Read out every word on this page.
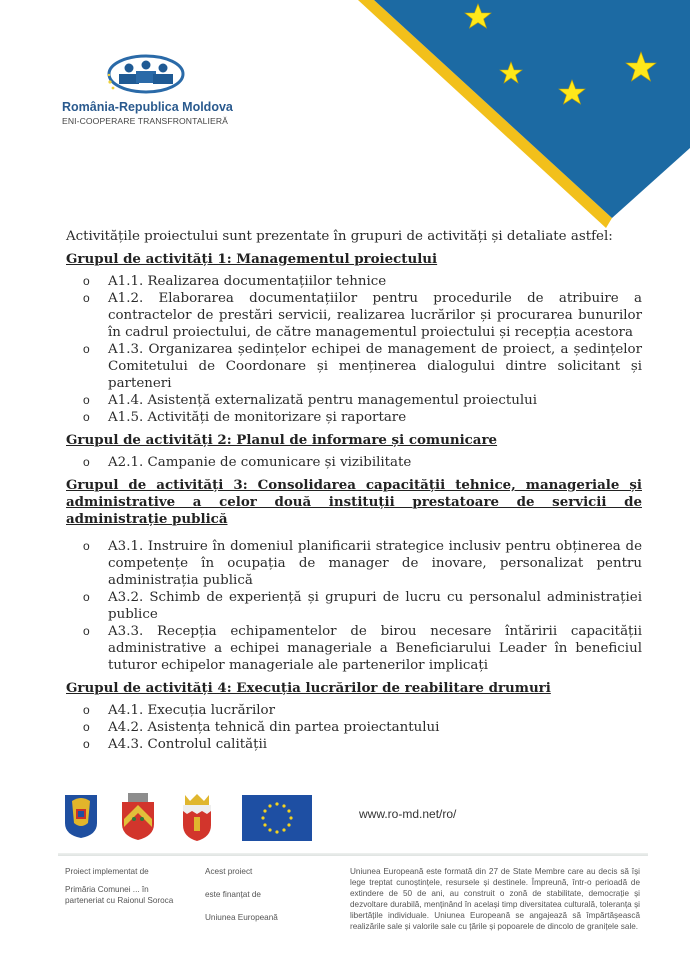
România-Republica Moldova
ENI-COOPERARE TRANSFRONTALIERĂ

Activitățile proiectului sunt prezentate în grupuri de activități și detaliate astfel:

Grupul de activități 1: Managementul proiectului

o A1.1. Realizarea documentațiilor tehnice
o A1.2. Elaborarea documentațiilor pentru procedurile de atribuire a contractelor de prestări servicii, realizarea lucrărilor și procurarea bunurilor în cadrul proiectului, de către managementul proiectului și recepția acestora
o A1.3. Organizarea ședințelor echipei de management de proiect, a ședințelor Comitetului de Coordonare și menținerea dialogului dintre solicitant și parteneri
o A1.4. Asistență externalizată pentru managementul proiectului
o A1.5. Activități de monitorizare și raportare

Grupul de activități 2: Planul de informare și comunicare

o A2.1. Campanie de comunicare și vizibilitate

Grupul de activități 3: Consolidarea capacității tehnice, manageriale și administrative a celor două instituții prestatoare de servicii de administrație publică

o A3.1. Instruire în domeniul planificarii strategice inclusiv pentru obținerea de competențe în ocupația de manager de inovare, personalizat pentru administrația publică
o A3.2. Schimb de experiență și grupuri de lucru cu personalul administrației publice
o A3.3. Recepția echipamentelor de birou necesare întăririi capacității administrative a echipei manageriale a Beneficiarului Leader în beneficiul tuturor echipelor manageriale ale partenerilor implicați

Grupul de activități 4: Execuția lucrărilor de reabilitare drumuri

o A4.1. Execuția lucrărilor
o A4.2. Asistența tehnică din partea proiectantului
o A4.3. Controlul calității
www.ro-md.net/ro/

Proiect implementat de

Primăria Comunei ... în parteneriat cu Raionul Soroca

Acest proiect

este finanțat de

Uniunea Europeană

Uniunea Europeană este formată din 27 de State Membre care au decis să își lege treptat cunoștințele, resursele și destinele. Împreună, într-o perioadă de extindere de 50 de ani, au construit o zonă de stabilitate, democrație și dezvoltare durabilă, menținând în același timp diversitatea culturală, toleranța și libertățile individuale. Uniunea Europeană se angajează să împărtășească realizările sale și valorile sale cu țările și popoarele de dincolo de granițele sale.
